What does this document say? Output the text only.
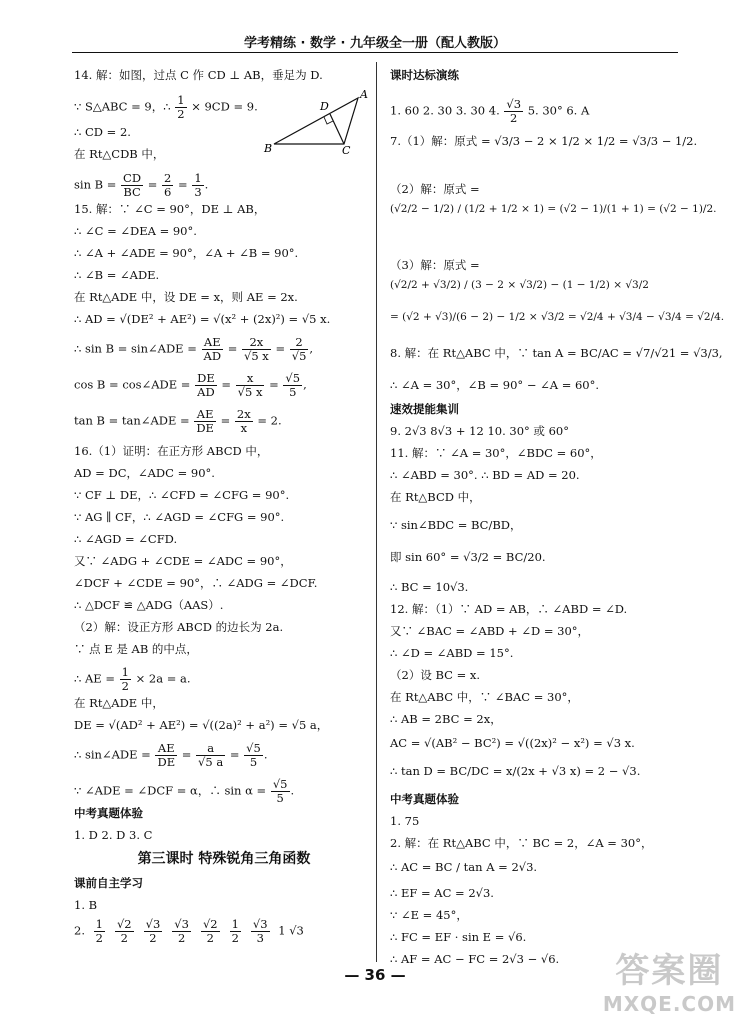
学考精练 · 数学 · 九年级全一册（配人教版）
14. 解：如图，过点 C 作 CD ⊥ AB，垂足为 D.
∵ S△ABC = 9，∴ $\frac{1}{2} \times 9CD = 9$.
∴ CD = 2.
在 Rt△CDB 中，
$\sin B = \frac{CD}{BC} = \frac{2}{6} = \frac{1}{3}$ .
B	C
A
D
15. 解：∵ ∠C = 90°，DE ⊥ AB，
∴ ∠C = ∠DEA = 90°.
∴ ∠A + ∠ADE = 90°，∠A + ∠B = 90°.
∴ ∠B = ∠ADE.
在 Rt△ADE 中，设 DE = x，则 AE = 2x.
∴ AD = √(DE² + AE²) = √(x² + (2x)²) = √5 x.
∴ sin B = sin∠ADE = $\frac{AE}{AD} = \frac{2x}{√5 x} = \frac{2}{√5}$ ,
cos B = cos∠ADE = $\frac{DE}{AD} = \frac{x}{√5 x} = \frac{√5}{5}$ ,
tan B = tan∠ADE = $\frac{AE}{DE} = \frac{2x}{x} = 2$.
16.（1）证明：在正方形 ABCD 中，
AD = DC，∠ADC = 90°.
∵ CF ⊥ DE，∴ ∠CFD = ∠CFG = 90°.
∵ AG ∥ CF，∴ ∠AGD = ∠CFG = 90°.
∴ ∠AGD = ∠CFD.
又∵ ∠ADG + ∠CDE = ∠ADC = 90°，
∠DCF + ∠CDE = 90°，∴ ∠ADG = ∠DCF.
∴ △DCF ≌ △ADG（AAS）.
（2）解：设正方形 ABCD 的边长为 2a.
∵ 点 E 是 AB 的中点，
∴ AE = $\frac{1}{2} \times 2a = a$.
在 Rt△ADE 中，
DE = √(AD² + AE²) = √((2a)² + a²) = √5 a，
∴ sin∠ADE = $\frac{AE}{DE} = \frac{a}{√5 a} = \frac{√5}{5}$ .
∵ ∠ADE = ∠DCF = α，∴ $\sin \alpha = \frac{√5}{5}$ .
中考真题体验
1. D 2. D 3. C
第三课时 特殊锐角三角函数
课前自主学习
1. B
2. $\frac{1}{2} \frac{√2}{2} \frac{√3}{2} \frac{√3}{2} \frac{√2}{2} \frac{1}{2} \frac{√3}{3} 1$ √3
课时达标演练
1. 60 2. 30 3. 30 4. $\frac{√3}{2} 5$. 30° 6. A
7.（1）解：原式 = √3/3 − 2 × 1/2 × 1/2 = √3/3 − 1/2.
（2）解：原式 =
(√2/2 − 1/2) / (1/2 + 1/2 × 1) = (√2 − 1)/(1 + 1) = (√2 − 1)/2.
（3）解：原式 =
(√2/2 + √3/2) / (3 − 2 × √3/2) − (1 − 1/2) × √3/2
= (√2 + √3)/(6 − 2) − 1/2 × √3/2 = √2/4 + √3/4 − √3/4 = √2/4.
8. 解：在 Rt△ABC 中，∵ tan A = BC/AC = √7/√21 = √3/3,
∴ ∠A = 30°，∠B = 90° − ∠A = 60°.
速效提能集训
9. 2√3 8√3 + 12 10. 30° 或 60°
11. 解：∵ ∠A = 30°，∠BDC = 60°，
∴ ∠ABD = 30°. ∴ BD = AD = 20.
在 Rt△BCD 中，
∵ sin∠BDC = BC/BD，
即 sin 60° = √3/2 = BC/20.
∴ BC = 10√3.
12. 解：（1）∵ AD = AB，∴ ∠ABD = ∠D.
又∵ ∠BAC = ∠ABD + ∠D = 30°，
∴ ∠D = ∠ABD = 15°.
（2）设 BC = x.
在 Rt△ABC 中，∵ ∠BAC = 30°，
∴ AB = 2BC = 2x，
AC = √(AB² − BC²) = √((2x)² − x²) = √3 x.
∴ tan D = BC/DC = x/(2x + √3 x) = 2 − √3.
中考真题体验
1. 75
2. 解：在 Rt△ABC 中，∵ BC = 2，∠A = 30°，
∴ AC = BC / tan A = 2√3.
∴ EF = AC = 2√3.
∵ ∠E = 45°，
∴ FC = EF · sin E = √6.
∴ AF = AC − FC = 2√3 − √6.
— 36 —	答案圈
MXQE.COM
